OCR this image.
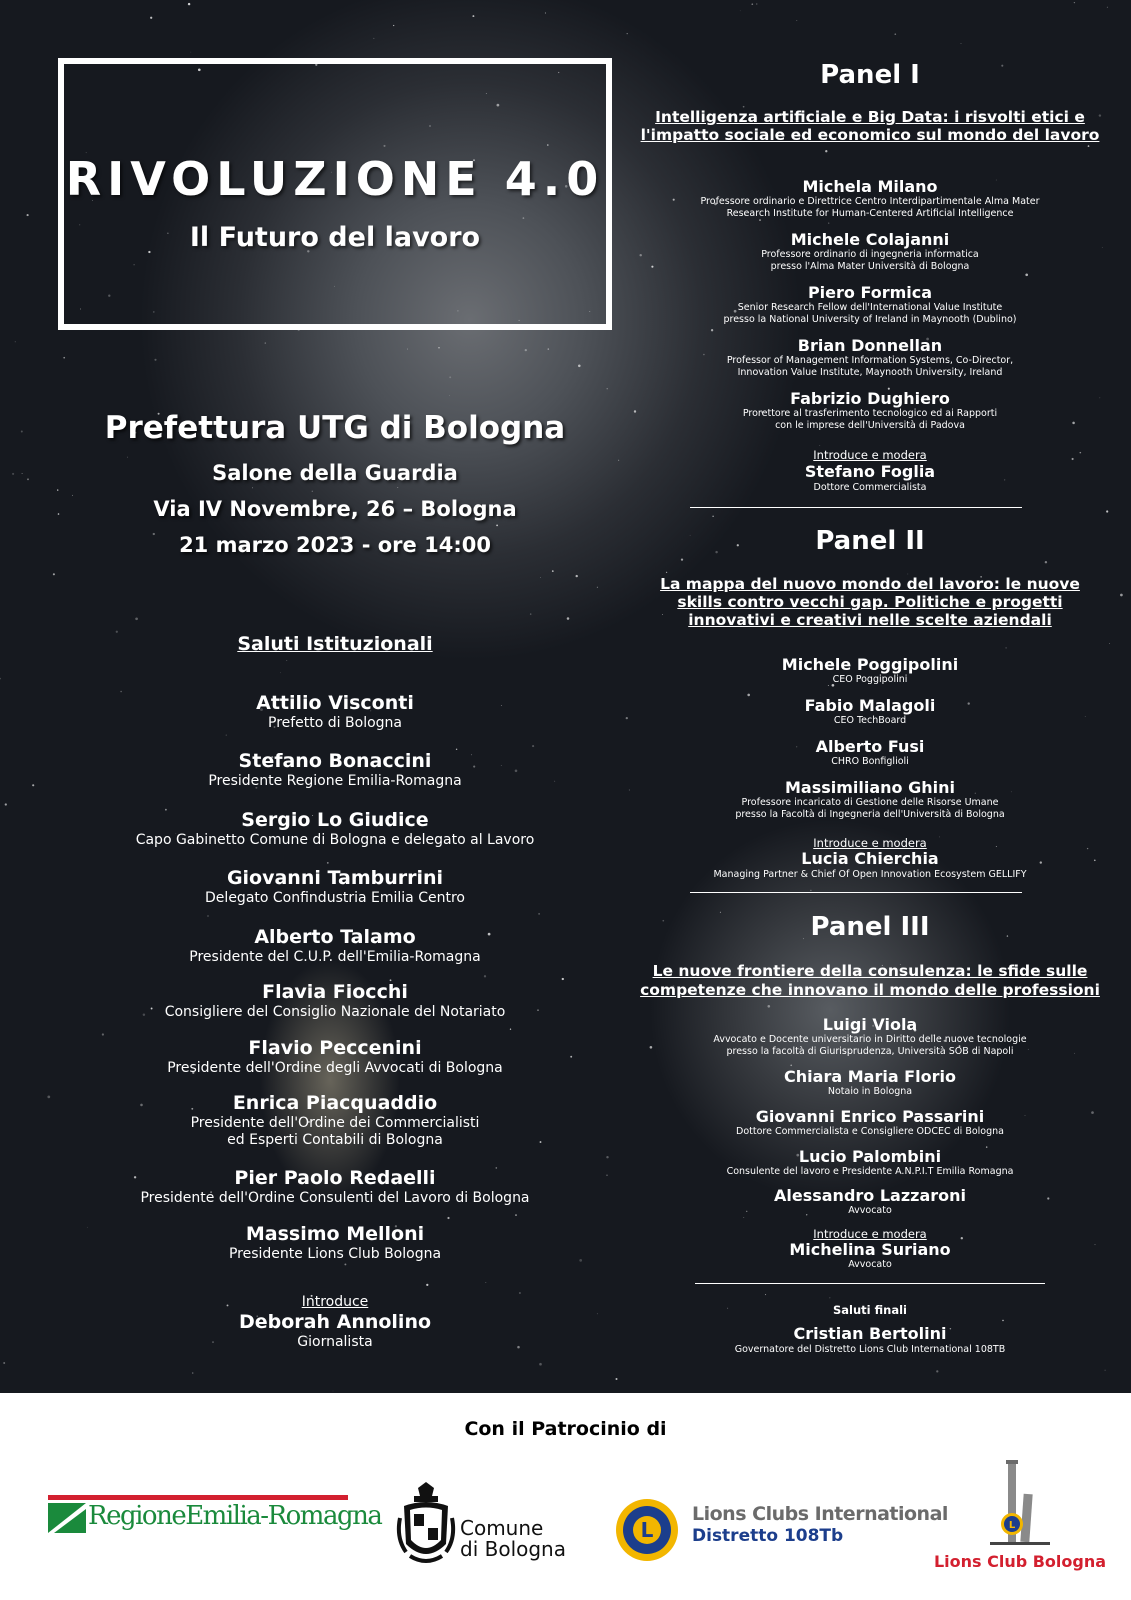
RIVOLUZIONE 4.0
Il Futuro del lavoro
Prefettura UTG di Bologna
Salone della Guardia
Via IV Novembre, 26 – Bologna
21 marzo 2023 - ore 14:00
Saluti Istituzionali
Attilio Visconti
Prefetto di Bologna
Stefano Bonaccini
Presidente Regione Emilia-Romagna
Sergio Lo Giudice
Capo Gabinetto Comune di Bologna e delegato al Lavoro
Giovanni Tamburrini
Delegato Confindustria Emilia Centro
Alberto Talamo
Presidente del C.U.P. dell'Emilia-Romagna
Flavia Fiocchi
Consigliere del Consiglio Nazionale del Notariato
Flavio Peccenini
Presidente dell'Ordine degli Avvocati di Bologna
Enrica Piacquaddio
Presidente dell'Ordine dei Commercialisti
ed Esperti Contabili di Bologna
Pier Paolo Redaelli
Presidente dell'Ordine Consulenti del Lavoro di Bologna
Massimo Melloni
Presidente Lions Club Bologna
Introduce
Deborah Annolino
Giornalista
Panel I
Intelligenza artificiale e Big Data: i risvolti etici e
l'impatto sociale ed economico sul mondo del lavoro
Michela Milano
Professore ordinario e Direttrice Centro Interdipartimentale Alma Mater
Research Institute for Human-Centered Artificial Intelligence
Michele Colajanni
Professore ordinario di ingegneria informatica
presso l'Alma Mater Università di Bologna
Piero Formica
Senior Research Fellow dell'International Value Institute
presso la National University of Ireland in Maynooth (Dublino)
Brian Donnellan
Professor of Management Information Systems, Co-Director,
Innovation Value Institute, Maynooth University, Ireland
Fabrizio Dughiero
Prorettore al trasferimento tecnologico ed ai Rapporti
con le imprese dell'Università di Padova
Introduce e modera
Stefano Foglia
Dottore Commercialista
Panel II
La mappa del nuovo mondo del lavoro: le nuove
skills contro vecchi gap. Politiche e progetti
innovativi e creativi nelle scelte aziendali
Michele Poggipolini
CEO Poggipolini
Fabio Malagoli
CEO TechBoard
Alberto Fusi
CHRO Bonfiglioli
Massimiliano Ghini
Professore incaricato di Gestione delle Risorse Umane
presso la Facoltà di Ingegneria dell'Università di Bologna
Introduce e modera
Lucia Chierchia
Managing Partner & Chief Of Open Innovation Ecosystem GELLIFY
Panel III
Le nuove frontiere della consulenza: le sfide sulle
competenze che innovano il mondo delle professioni
Luigi Viola
Avvocato e Docente universitario in Diritto delle nuove tecnologie
presso la facoltà di Giurisprudenza, Università SOB di Napoli
Chiara Maria Florio
Notaio in Bologna
Giovanni Enrico Passarini
Dottore Commercialista e Consigliere ODCEC di Bologna
Lucio Palombini
Consulente del lavoro e Presidente A.N.P.I.T Emilia Romagna
Alessandro Lazzaroni
Avvocato
Introduce e modera
Michelina Suriano
Avvocato
Saluti finali
Cristian Bertolini
Governatore del Distretto Lions Club International 108TB
Con il Patrocinio di
RegioneEmilia-Romagna	Comune
di Bologna
L
Lions Clubs International
Distretto 108Tb
L
Lions Club Bologna
